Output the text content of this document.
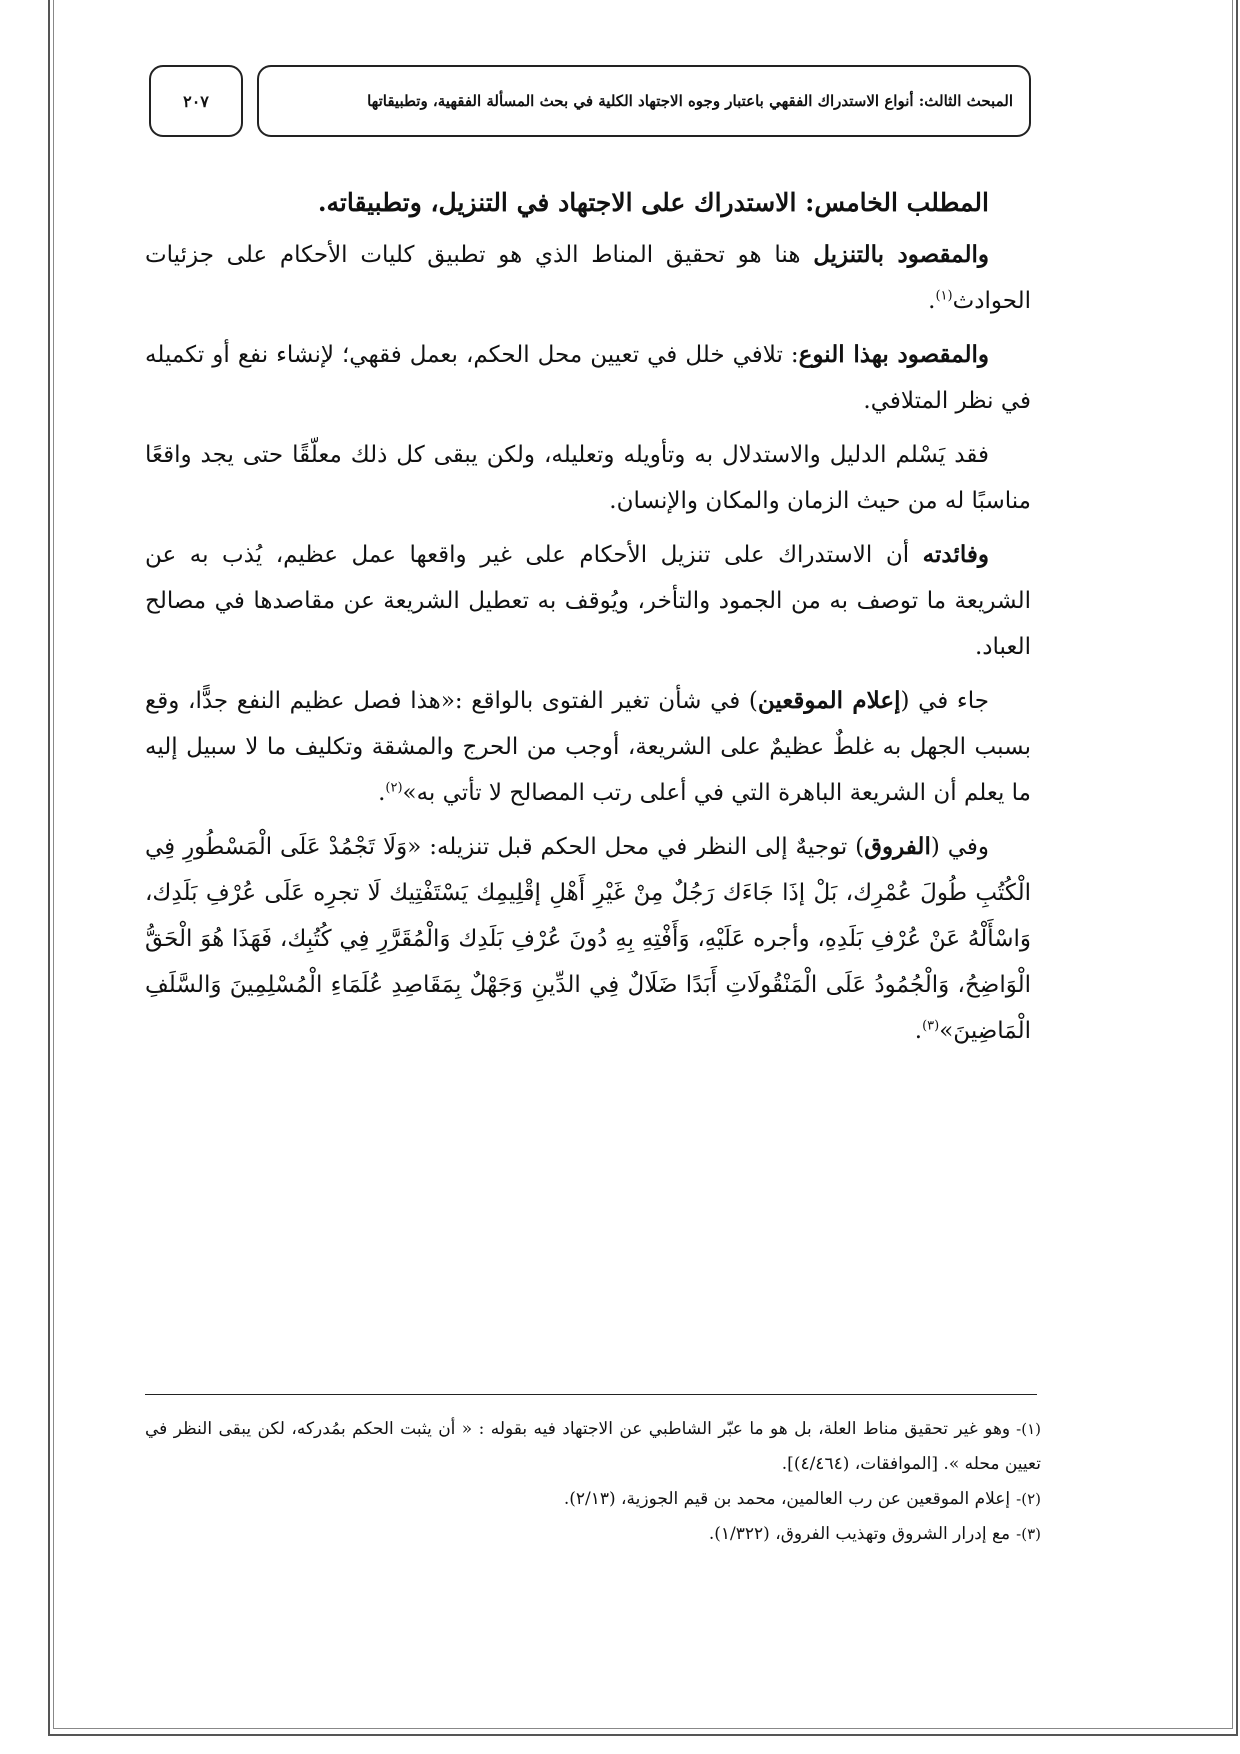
المبحث الثالث: أنواع الاستدراك الفقهي باعتبار وجوه الاجتهاد الكلية في بحث المسألة الفقهية، وتطبيقاتها
٢٠٧
المطلب الخامس: الاستدراك على الاجتهاد في التنزيل، وتطبيقاته.

والمقصود بالتنزيل هنا هو تحقيق المناط الذي هو تطبيق كليات الأحكام على جزئيات الحوادث$^{(١)}$.

والمقصود بهذا النوع: تلافي خلل في تعيين محل الحكم، بعمل فقهي؛ لإنشاء نفع أو تكميله في نظر المتلافي.

فقد يَسْلم الدليل والاستدلال به وتأويله وتعليله، ولكن يبقى كل ذلك معلّقًا حتى يجد واقعًا مناسبًا له من حيث الزمان والمكان والإنسان.

وفائدته أن الاستدراك على تنزيل الأحكام على غير واقعها عمل عظيم، يُذب به عن الشريعة ما توصف به من الجمود والتأخر، ويُوقف به تعطيل الشريعة عن مقاصدها في مصالح العباد.

جاء في (إعلام الموقعين) في شأن تغير الفتوى بالواقع :«هذا فصل عظيم النفع جدًّا، وقع بسبب الجهل به غلطٌ عظيمٌ على الشريعة، أوجب من الحرج والمشقة وتكليف ما لا سبيل إليه ما يعلم أن الشريعة الباهرة التي في أعلى رتب المصالح لا تأتي به»$^{(٢)}$.

وفي (الفروق) توجيهٌ إلى النظر في محل الحكم قبل تنزيله: «وَلَا تَجْمُدْ عَلَى الْمَسْطُورِ فِي الْكُتُبِ طُولَ عُمْرِك، بَلْ إذَا جَاءَك رَجُلٌ مِنْ غَيْرِ أَهْلِ إقْلِيمِك يَسْتَفْتِيك لَا تجرِه عَلَى عُرْفِ بَلَدِك، وَاسْأَلْهُ عَنْ عُرْفِ بَلَدِهِ، وأجره عَلَيْهِ، وَأَفْتِهِ بِهِ دُونَ عُرْفِ بَلَدِك وَالْمُقَرَّرِ فِي كُتُبِك، فَهَذَا هُوَ الْحَقُّ الْوَاضِحُ، وَالْجُمُودُ عَلَى الْمَنْقُولَاتِ أَبَدًا ضَلَالٌ فِي الدِّينِ وَجَهْلٌ بِمَقَاصِدِ عُلَمَاءِ الْمُسْلِمِينَ وَالسَّلَفِ الْمَاضِينَ»$^{(٣)}$.

(١)-وهو غير تحقيق مناط العلة، بل هو ما عبّر الشاطبي عن الاجتهاد فيه بقوله : « أن يثبت الحكم بمُدركه، لكن يبقى النظر في تعيين محله ». [الموافقات، (٤/٤٦٤)].

(٢)-إعلام الموقعين عن رب العالمين، محمد بن قيم الجوزية، (٢/١٣).

(٣)-مع إدرار الشروق وتهذيب الفروق، (١/٣٢٢).
